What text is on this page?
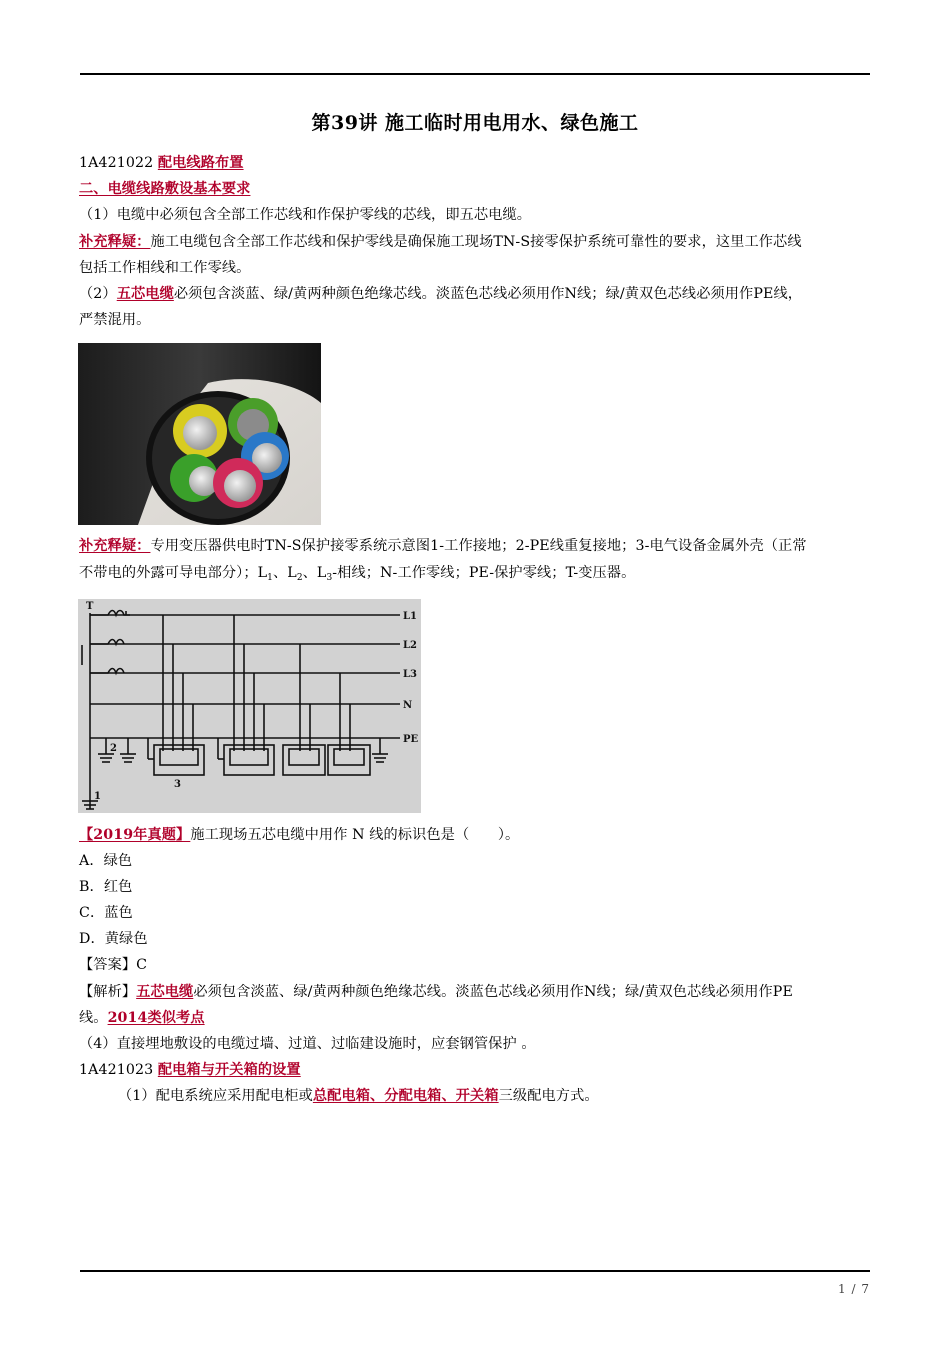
第39讲 施工临时用电用水、绿色施工
1A421022 配电线路布置
二、电缆线路敷设基本要求
（1）电缆中必须包含全部工作芯线和作保护零线的芯线，即五芯电缆。
补充释疑：施工电缆包含全部工作芯线和保护零线是确保施工现场TN-S接零保护系统可靠性的要求，这里工作芯线
包括工作相线和工作零线。
（2）五芯电缆必须包含淡蓝、绿/黄两种颜色绝缘芯线。淡蓝色芯线必须用作N线；绿/黄双色芯线必须用作PE线，
严禁混用。
补充释疑：专用变压器供电时TN-S保护接零系统示意图1-工作接地；2-PE线重复接地；3-电气设备金属外壳（正常
不带电的外露可导电部分）；$L_1$、$L_2$、$L_3-$相线；N-工作零线；PE-保护零线；T-变压器。
T
L1
L2
L3
N
PE
1
2
3
【2019年真题】施工现场五芯电缆中用作 N 线的标识色是（　　）。
A．绿色
B．红色
C．蓝色
D．黄绿色
【答案】C
【解析】五芯电缆必须包含淡蓝、绿/黄两种颜色绝缘芯线。淡蓝色芯线必须用作N线；绿/黄双色芯线必须用作PE
线。2014类似考点
（4）直接埋地敷设的电缆过墙、过道、过临建设施时，应套钢管保护 。
1A421023 配电箱与开关箱的设置
（1）配电系统应采用配电柜或总配电箱、分配电箱、开关箱三级配电方式。
1 / 7
